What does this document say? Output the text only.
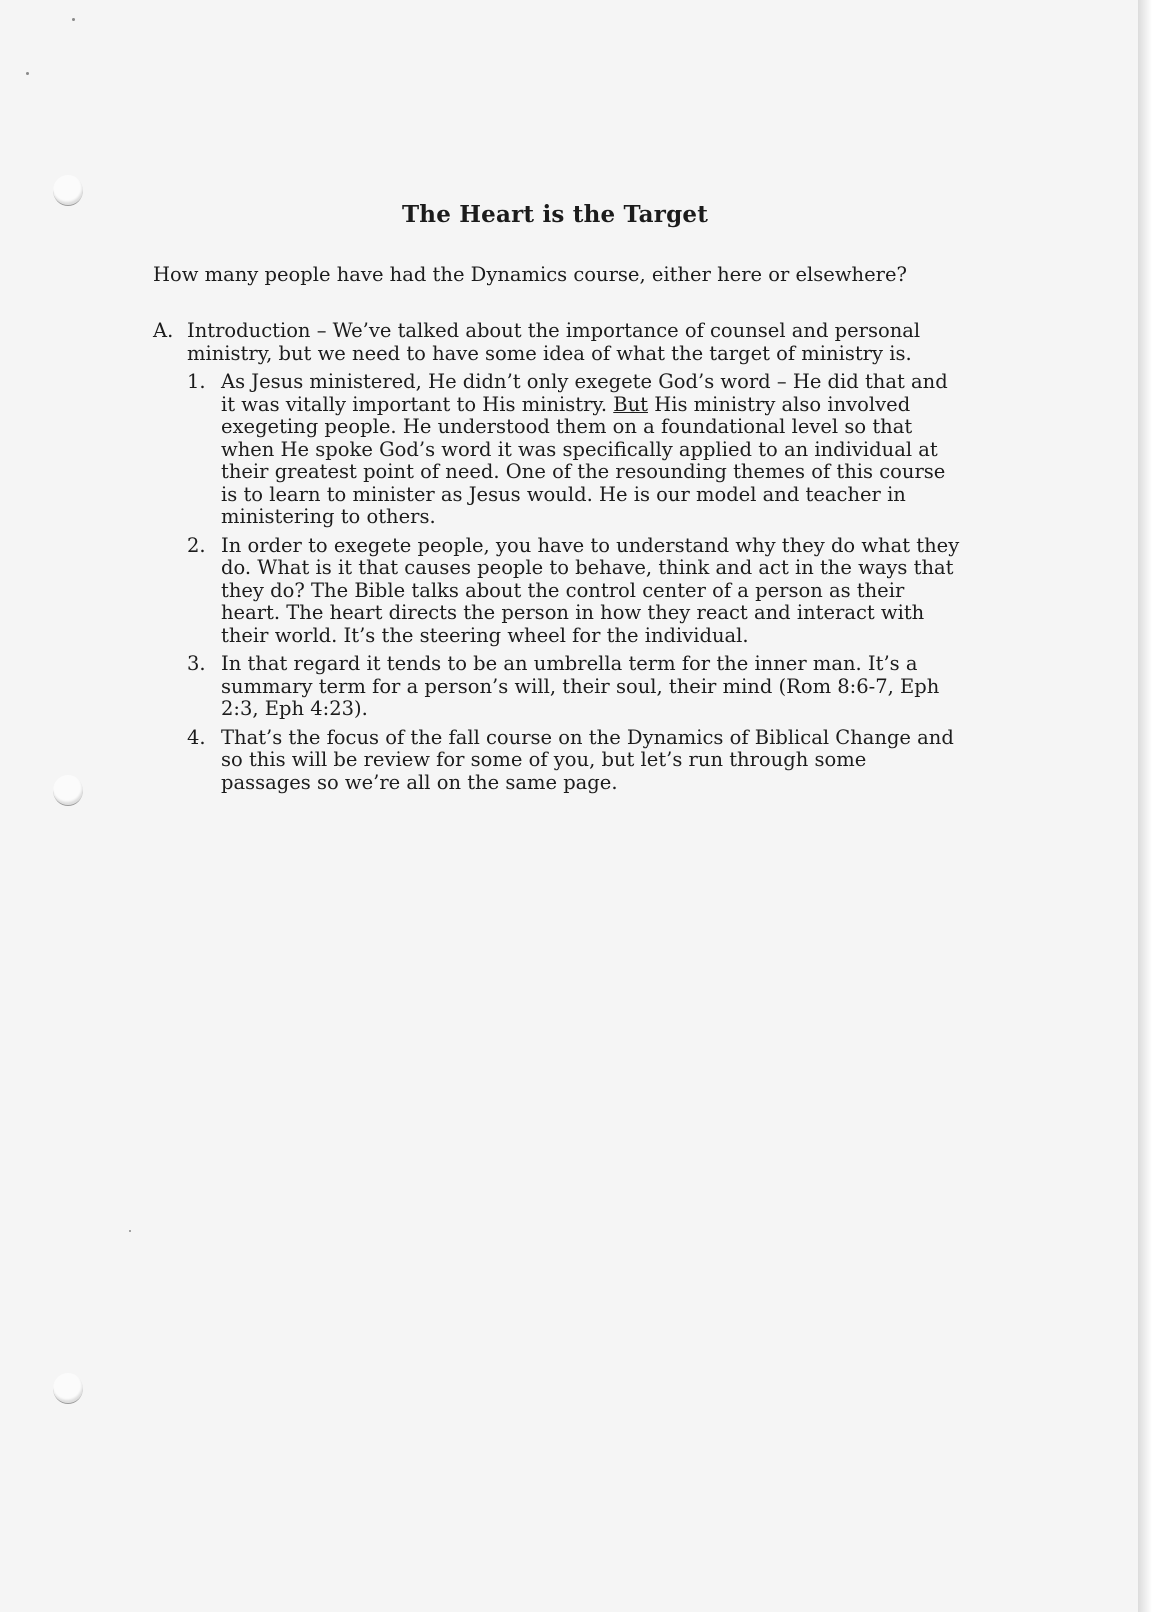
The Heart is the Target
How many people have had the Dynamics course, either here or elsewhere?
A. Introduction – We’ve talked about the importance of counsel and personal ministry, but we need to have some idea of what the target of ministry is.
1. As Jesus ministered, He didn’t only exegete God’s word – He did that and it was vitally important to His ministry. But His ministry also involved exegeting people. He understood them on a foundational level so that when He spoke God’s word it was specifically applied to an individual at their greatest point of need. One of the resounding themes of this course is to learn to minister as Jesus would. He is our model and teacher in ministering to others.
2. In order to exegete people, you have to understand why they do what they do. What is it that causes people to behave, think and act in the ways that they do? The Bible talks about the control center of a person as their heart. The heart directs the person in how they react and interact with their world. It’s the steering wheel for the individual.
3. In that regard it tends to be an umbrella term for the inner man. It’s a summary term for a person’s will, their soul, their mind (Rom 8:6-7, Eph 2:3, Eph 4:23).
4. That’s the focus of the fall course on the Dynamics of Biblical Change and so this will be review for some of you, but let’s run through some passages so we’re all on the same page.
